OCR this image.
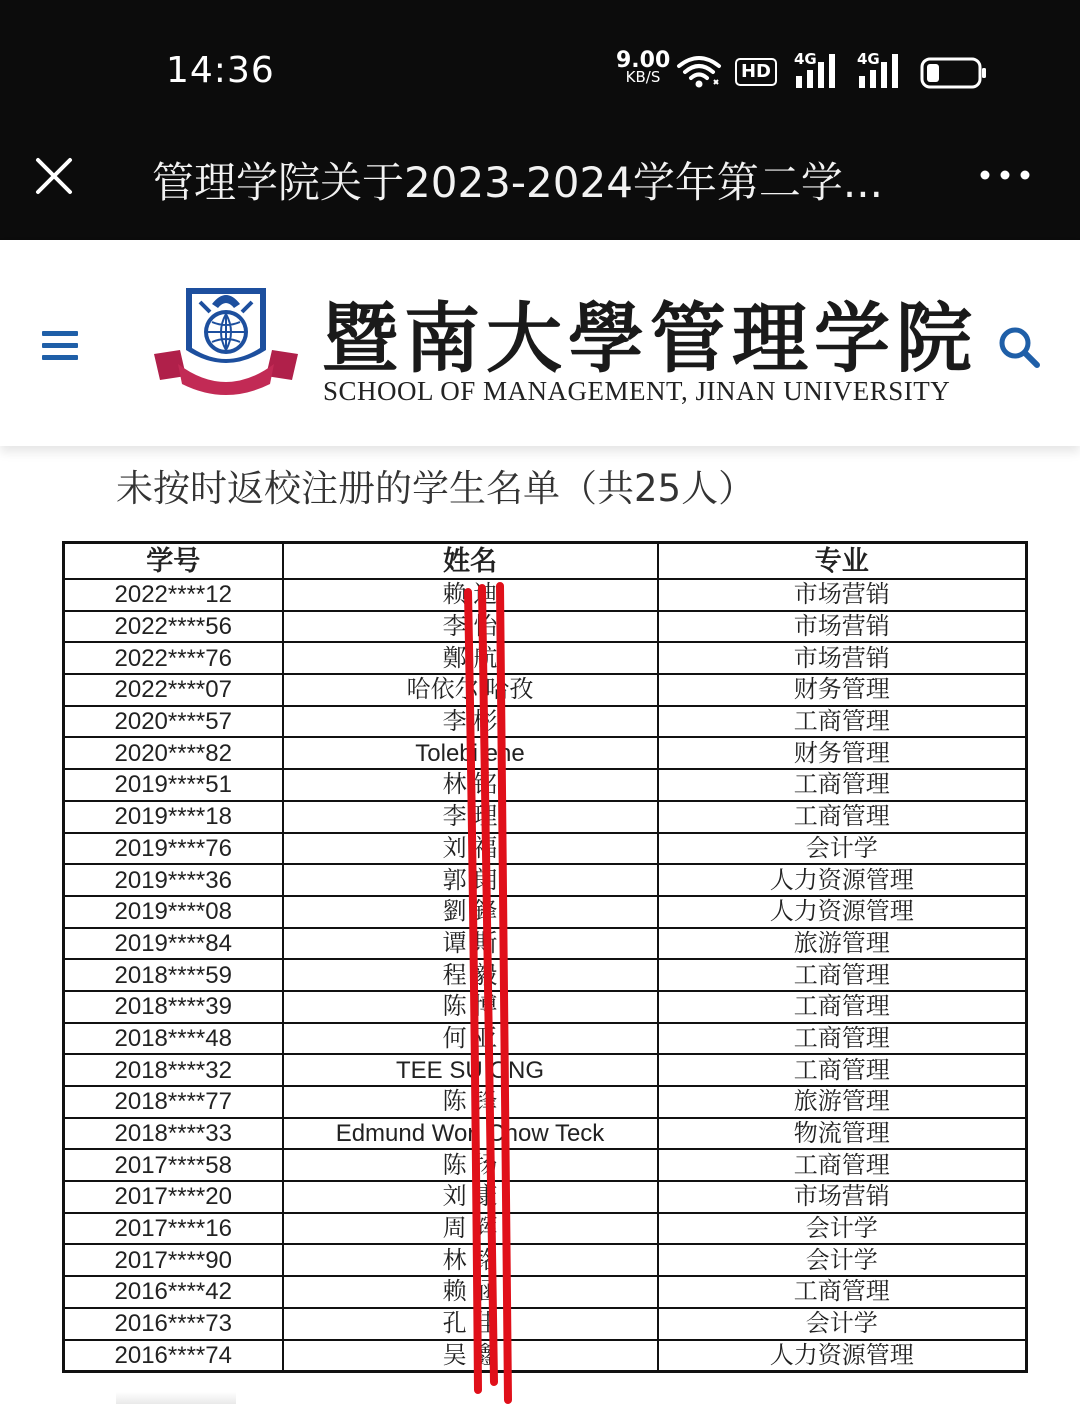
14:36	9.00
KB/S	HD
4G	4G
管理学院关于2023-2024学年第二学...
暨南大學管理学院
SCHOOL OF MANAGEMENT, JINAN UNIVERSITY
未按时返校注册的学生名单（共25人）
学号	姓名	专业
2022****12	赖 迪	市场营销
2022****56	李 怡	市场营销
2022****76	鄭 航	市场营销
2022****07	哈依尔 哈孜	财务管理
2020****57	李 彬	工商管理
2020****82	Tolebi ene	财务管理
2019****51	林 铭	工商管理
2019****18	李 理	工商管理
2019****76	刘 福	会计学
2019****36	郭 朗	人力资源管理
2019****08	劉 鋒	人力资源管理
2019****84	谭 斯	旅游管理
2018****59	程 毅	工商管理
2018****39	陈 博	工商管理
2018****48	何 亚	工商管理
2018****32	TEE SU ONG	工商管理
2018****77	陈 锋	旅游管理
2018****33	Edmund Won Chow Teck	物流管理
2017****58	陈 扬	工商管理
2017****20	刘 康	市场营销
2017****16	周 辉	会计学
2017****90	林 铭	会计学
2016****42	赖 涵	工商管理
2016****73	孔 佳	会计学
2016****74	吴 鑫	人力资源管理
